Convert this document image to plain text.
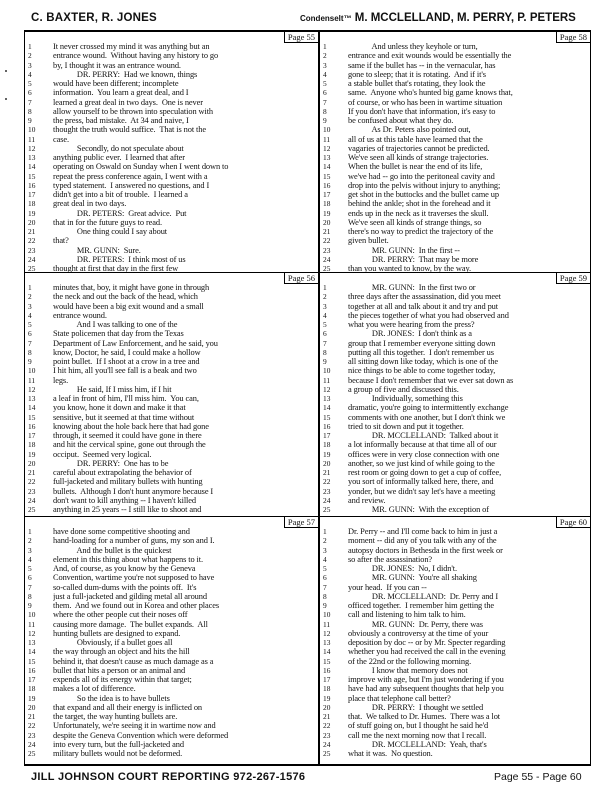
C. BAXTER, R. JONES	Condenselt™ M. MCCLELLAND, M. PERRY, P. PETERS
Page 55
1	It never crossed my mind it was anything but an
2	entrance wound.  Without having any history to go
3	by, I thought it was an entrance wound.
4	DR. PERRY:  Had we known, things
5	would have been different; incomplete
6	information.  You learn a great deal, and I
7	learned a great deal in two days.  One is never
8	allow yourself to be thrown into speculation with
9	the press, bad mistake.  At 34 and naive, I
10	thought the truth would suffice.  That is not the
11	case.
12	Secondly, do not speculate about
13	anything public ever.  I learned that after
14	operating on Oswald on Sunday when I went down to
15	repeat the press conference again, I went with a
16	typed statement.  I answered no questions, and I
17	didn't get into a bit of trouble.  I learned a
18	great deal in two days.
19	DR. PETERS:  Great advice.  Put
20	that in for the future guys to read.
21	One thing could I say about
22	that?
23	MR. GUNN:  Sure.
24	DR. PETERS:  I think most of us
25	thought at first that day in the first few
Page 58
1	And unless they keyhole or turn,
2	entrance and exit wounds would be essentially the
3	same if the bullet has -- in the vernacular, has
4	gone to sleep; that it is rotating.  And if it's
5	a stable bullet that's rotating, they look the
6	same.  Anyone who's hunted big game knows that,
7	of course, or who has been in wartime situation
8	If you don't have that information, it's easy to
9	be confused about what they do.
10	As Dr. Peters also pointed out,
11	all of us at this table have learned that the
12	vagaries of trajectories cannot be predicted.
13	We've seen all kinds of strange trajectories.
14	When the bullet is near the end of its life,
15	we've had -- go into the peritoneal cavity and
16	drop into the pelvis without injury to anything;
17	get shot in the buttocks and the bullet came up
18	behind the ankle; shot in the forehead and it
19	ends up in the neck as it traverses the skull.
20	We've seen all kinds of strange things, so
21	there's no way to predict the trajectory of the
22	given bullet.
23	MR. GUNN:  In the first --
24	DR. PERRY:  That may be more
25	than you wanted to know, by the way.
Page 56
1	minutes that, boy, it might have gone in through
2	the neck and out the back of the head, which
3	would have been a big exit wound and a small
4	entrance wound.
5	And I was talking to one of the
6	State policemen that day from the Texas
7	Department of Law Enforcement, and he said, you
8	know, Doctor, he said, I could make a hollow
9	point bullet.  If I shoot at a crow in a tree and
10	I hit him, all you'll see fall is a beak and two
11	legs.
12	He said, If I miss him, if I hit
13	a leaf in front of him, I'll miss him.  You can,
14	you know, hone it down and make it that
15	sensitive, but it seemed at that time without
16	knowing about the hole back here that had gone
17	through, it seemed it could have gone in there
18	and hit the cervical spine, gone out through the
19	occiput.  Seemed very logical.
20	DR. PERRY:  One has to be
21	careful about extrapolating the behavior of
22	full-jacketed and military bullets with hunting
23	bullets.  Although I don't hunt anymore because I
24	don't want to kill anything -- I haven't killed
25	anything in 25 years -- I still like to shoot and
Page 59
1	MR. GUNN:  In the first two or
2	three days after the assassination, did you meet
3	together at all and talk about it and try and put
4	the pieces together of what you had observed and
5	what you were hearing from the press?
6	DR. JONES:  I don't think as a
7	group that I remember everyone sitting down
8	putting all this together.  I don't remember us
9	all sitting down like today, which is one of the
10	nice things to be able to come together today,
11	because I don't remember that we ever sat down as
12	a group of five and discussed this.
13	Individually, something this
14	dramatic, you're going to intermittently exchange
15	comments with one another, but I don't think we
16	tried to sit down and put it together.
17	DR. MCCLELLAND:  Talked about it
18	a lot informally because at that time all of our
19	offices were in very close connection with one
20	another, so we just kind of while going to the
21	rest room or going down to get a cup of coffee,
22	you sort of informally talked here, there, and
23	yonder, but we didn't say let's have a meeting
24	and review.
25	MR. GUNN:  With the exception of
Page 57
1	have done some competitive shooting and
2	hand-loading for a number of guns, my son and I.
3	And the bullet is the quickest
4	element in this thing about what happens to it.
5	And, of course, as you know by the Geneva
6	Convention, wartime you're not supposed to have
7	so-called dum-dums with the points off.  It's
8	just a full-jacketed and gilding metal all around
9	them.  And we found out in Korea and other places
10	where the other people cut their noses off
11	causing more damage.  The bullet expands.  All
12	hunting bullets are designed to expand.
13	Obviously, if a bullet goes all
14	the way through an object and hits the hill
15	behind it, that doesn't cause as much damage as a
16	bullet that hits a person or an animal and
17	expends all of its energy within that target;
18	makes a lot of difference.
19	So the idea is to have bullets
20	that expand and all their energy is inflicted on
21	the target, the way hunting bullets are.
22	Unfortunately, we're seeing it in wartime now and
23	despite the Geneva Convention which were deformed
24	into every turn, but the full-jacketed and
25	military bullets would not be deformed.
Page 60
1	Dr. Perry -- and I'll come back to him in just a
2	moment -- did any of you talk with any of the
3	autopsy doctors in Bethesda in the first week or
4	so after the assassination?
5	DR. JONES:  No, I didn't.
6	MR. GUNN:  You're all shaking
7	your head.  If you can --
8	DR. MCCLELLAND:  Dr. Perry and I
9	officed together.  I remember him getting the
10	call and listening to him talk to him.
11	MR. GUNN:  Dr. Perry, there was
12	obviously a controversy at the time of your
13	deposition by doc -- or by Mr. Specter regarding
14	whether you had received the call in the evening
15	of the 22nd or the following morning.
16	I know that memory does not
17	improve with age, but I'm just wondering if you
18	have had any subsequent thoughts that help you
19	place that telephone call better?
20	DR. PERRY:  I thought we settled
21	that.  We talked to Dr. Humes.  There was a lot
22	of stuff going on, but I thought he said he'd
23	call me the next morning now that I recall.
24	DR. MCCLELLAND:  Yeah, that's
25	what it was.  No question.
JILL JOHNSON COURT REPORTING 972-267-1576	Page 55 - Page 60
